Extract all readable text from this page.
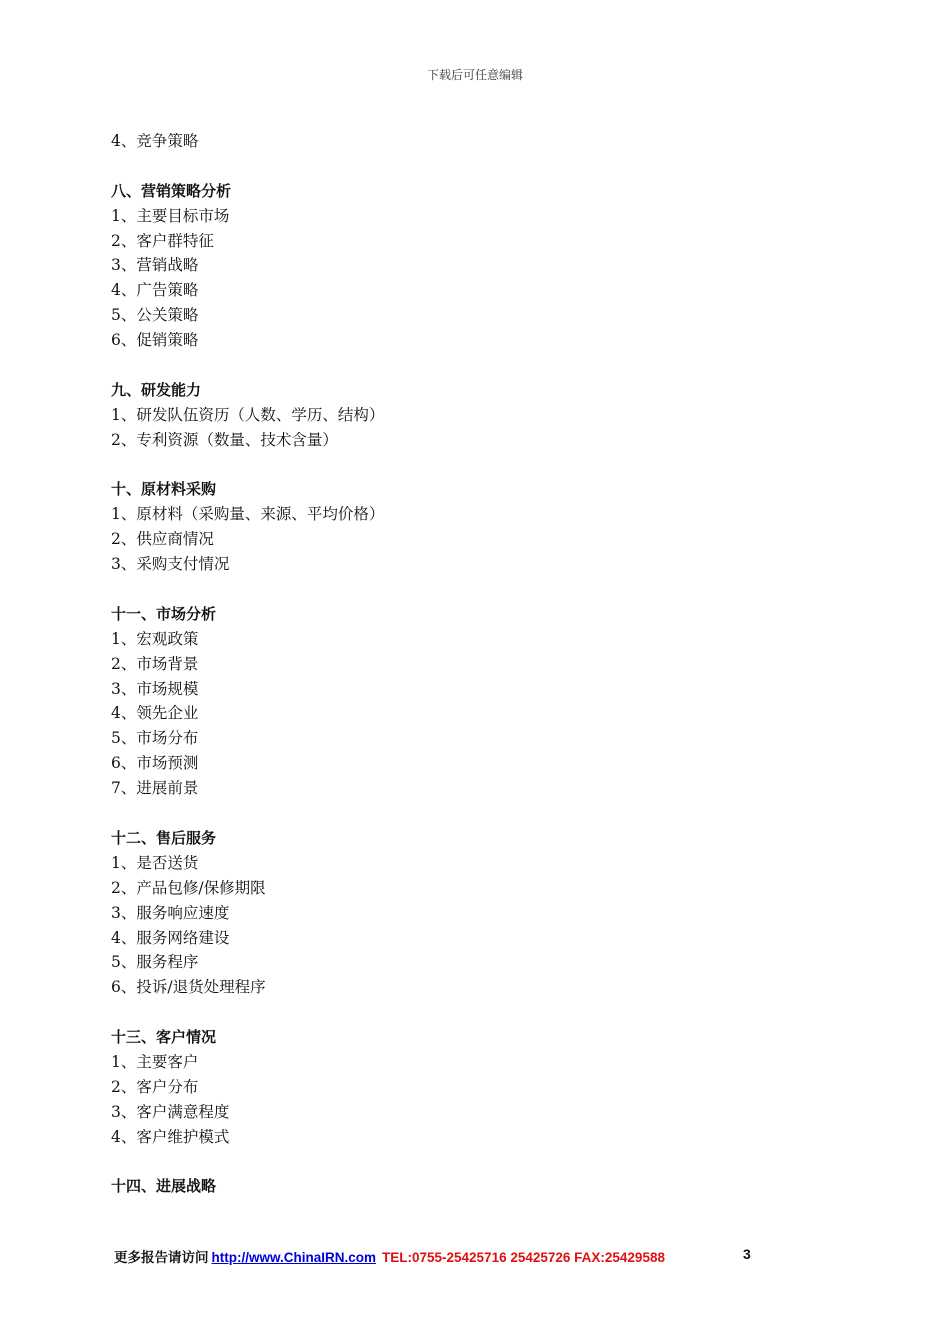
下载后可任意编辑
4、竞争策略
八、营销策略分析
1、主要目标市场
2、客户群特征
3、营销战略
4、广告策略
5、公关策略
6、促销策略
九、研发能力
1、研发队伍资历（人数、学历、结构）
2、专利资源（数量、技术含量）
十、原材料采购
1、原材料（采购量、来源、平均价格）
2、供应商情况
3、采购支付情况
十一、市场分析
1、宏观政策
2、市场背景
3、市场规模
4、领先企业
5、市场分布
6、市场预测
7、进展前景
十二、售后服务
1、是否送货
2、产品包修/保修期限
3、服务响应速度
4、服务网络建设
5、服务程序
6、投诉/退货处理程序
十三、客户情况
1、主要客户
2、客户分布
3、客户满意程度
4、客户维护模式
十四、进展战略
更多报告请访问 http://www.ChinaIRN.com TEL:0755-25425716 25425726 FAX:25429588	3
